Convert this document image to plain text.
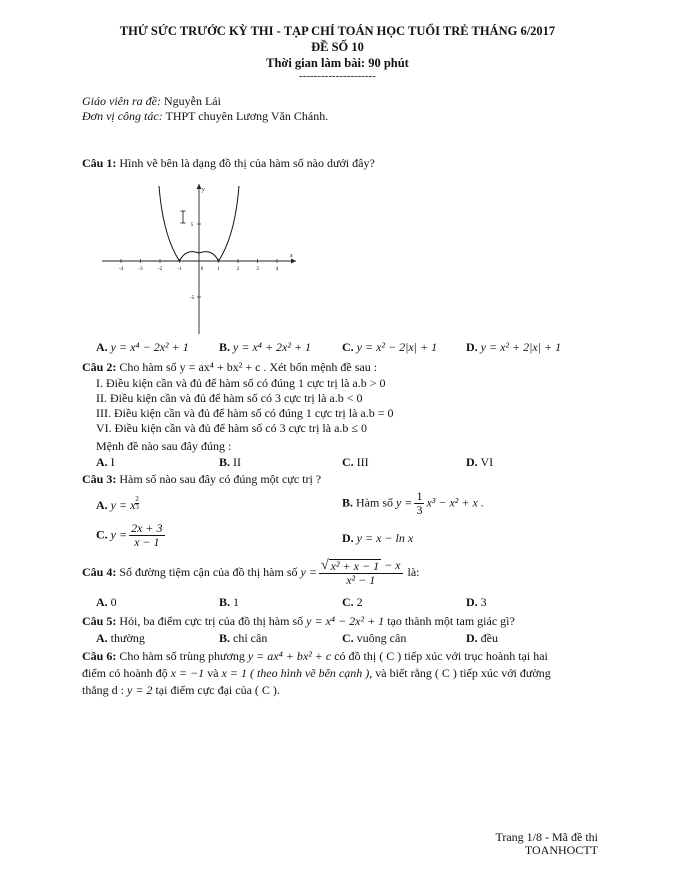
THỬ SỨC TRƯỚC KỲ THI - TẠP CHÍ TOÁN HỌC TUỔI TRẺ THÁNG 6/2017
ĐỀ SỐ 10
Thời gian làm bài: 90 phút
---------------------
Giáo viên ra đề: Nguyễn Lái
Đơn vị công tác: THPT chuyên Lương Văn Chánh.
Câu 1: Hình vẽ bên là dạng đồ thị của hàm số nào dưới đây?
y
x
-4	-3	-2	-1	0	1	2	3	4
5
-5
A. y = x⁴ − 2x² + 1	B. y = x⁴ + 2x² + 1	C. y = x² − 2|x| + 1 D. y = x² + 2|x| + 1
Câu 2: Cho hàm số y = ax⁴ + bx² + c . Xét bốn mệnh đề sau :
I. Điều kiện cần và đủ để hàm số có đúng 1 cực trị là a.b > 0
II. Điều kiện cần và đủ để hàm số có 3 cực trị là a.b < 0
III. Điều kiện cần và đủ để hàm số có đúng 1 cực trị là a.b = 0
VI. Điều kiện cần và đủ để hàm số có 3 cực trị là a.b ≤ 0
Mệnh đề nào sau đây đúng :
A. I	B. II	C. III	D. VI
Câu 3: Hàm số nào sau đây có đúng một cực trị ?
A. y = x $\frac{2}{3}$	B. Hàm số $y = \frac{1}{3} x^3 - x^2 + x$ .
C. $y = \frac{2x + 3}{x - 1}$	D. y = x − ln x
Câu 4: Số đường tiệm cận của đồ thị hàm số $y = \frac{\text{√ x² + x − 1 − x}}{\text{x² − 1}}$ là:
A. 0	B. 1	C. 2	D. 3
Câu 5: Hỏi, ba điểm cực trị của đồ thị hàm số y = x⁴ − 2x² + 1 tạo thành một tam giác gì?
A. thường	B. chỉ cân	C. vuông cân	D. đều
Câu 6: Cho hàm số trùng phương y = ax⁴ + bx² + c có đồ thị ( C ) tiếp xúc với trục hoành tại hai
điểm có hoành độ x = −1 và x = 1 ( theo hình vẽ bên cạnh ), và biết rằng ( C ) tiếp xúc với đường
thẳng d : y = 2 tại điểm cực đại của ( C ).
Trang 1/8 - Mã đề thi
TOANHOCTT
